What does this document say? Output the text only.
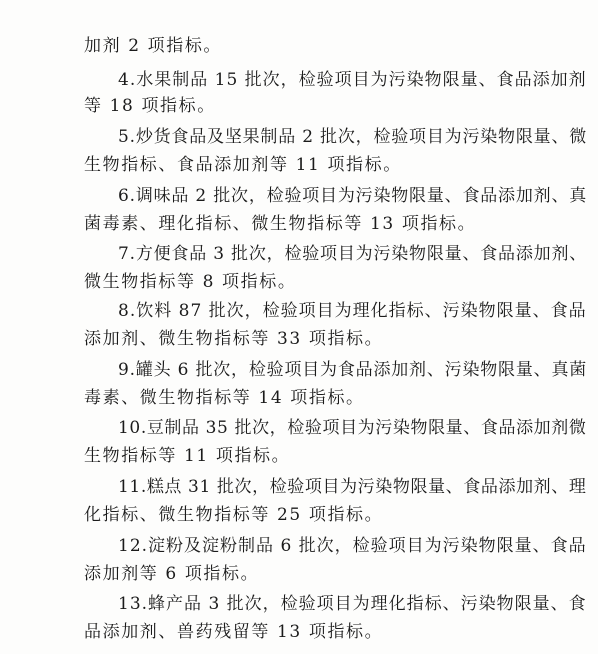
加剂 2 项指标。
4.水果制品 15 批次，检验项目为污染物限量、食品添加剂
等 18 项指标。
5.炒货食品及坚果制品 2 批次，检验项目为污染物限量、微
生物指标、食品添加剂等 11 项指标。
6.调味品 2 批次，检验项目为污染物限量、食品添加剂、真
菌毒素、理化指标、微生物指标等 13 项指标。
7.方便食品 3 批次，检验项目为污染物限量、食品添加剂、
微生物指标等 8 项指标。
8.饮料 87 批次，检验项目为理化指标、污染物限量、食品
添加剂、微生物指标等 33 项指标。
9.罐头 6 批次，检验项目为食品添加剂、污染物限量、真菌
毒素、微生物指标等 14 项指标。
10.豆制品 35 批次，检验项目为污染物限量、食品添加剂微
生物指标等 11 项指标。
11.糕点 31 批次，检验项目为污染物限量、食品添加剂、理
化指标、微生物指标等 25 项指标。
12.淀粉及淀粉制品 6 批次，检验项目为污染物限量、食品
添加剂等 6 项指标。
13.蜂产品 3 批次，检验项目为理化指标、污染物限量、食
品添加剂、兽药残留等 13 项指标。
